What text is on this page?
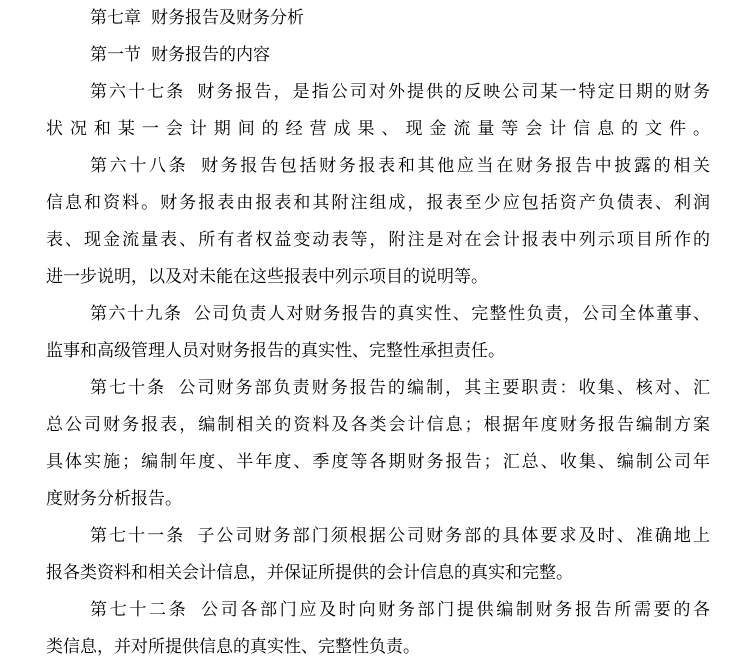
第七章 财务报告及财务分析
第一节 财务报告的内容
第六十七条 财务报告，是指公司对外提供的反映公司某一特定日期的财务
状况和某一会计期间的经营成果、现金流量等会计信息的文件。
第六十八条 财务报告包括财务报表和其他应当在财务报告中披露的相关
信息和资料。财务报表由报表和其附注组成，报表至少应包括资产负债表、利润
表、现金流量表、所有者权益变动表等，附注是对在会计报表中列示项目所作的
进一步说明，以及对未能在这些报表中列示项目的说明等。
第六十九条 公司负责人对财务报告的真实性、完整性负责，公司全体董事、
监事和高级管理人员对财务报告的真实性、完整性承担责任。
第七十条 公司财务部负责财务报告的编制，其主要职责：收集、核对、汇
总公司财务报表，编制相关的资料及各类会计信息；根据年度财务报告编制方案
具体实施；编制年度、半年度、季度等各期财务报告；汇总、收集、编制公司年
度财务分析报告。
第七十一条 子公司财务部门须根据公司财务部的具体要求及时、准确地上
报各类资料和相关会计信息，并保证所提供的会计信息的真实和完整。
第七十二条 公司各部门应及时向财务部门提供编制财务报告所需要的各
类信息，并对所提供信息的真实性、完整性负责。
